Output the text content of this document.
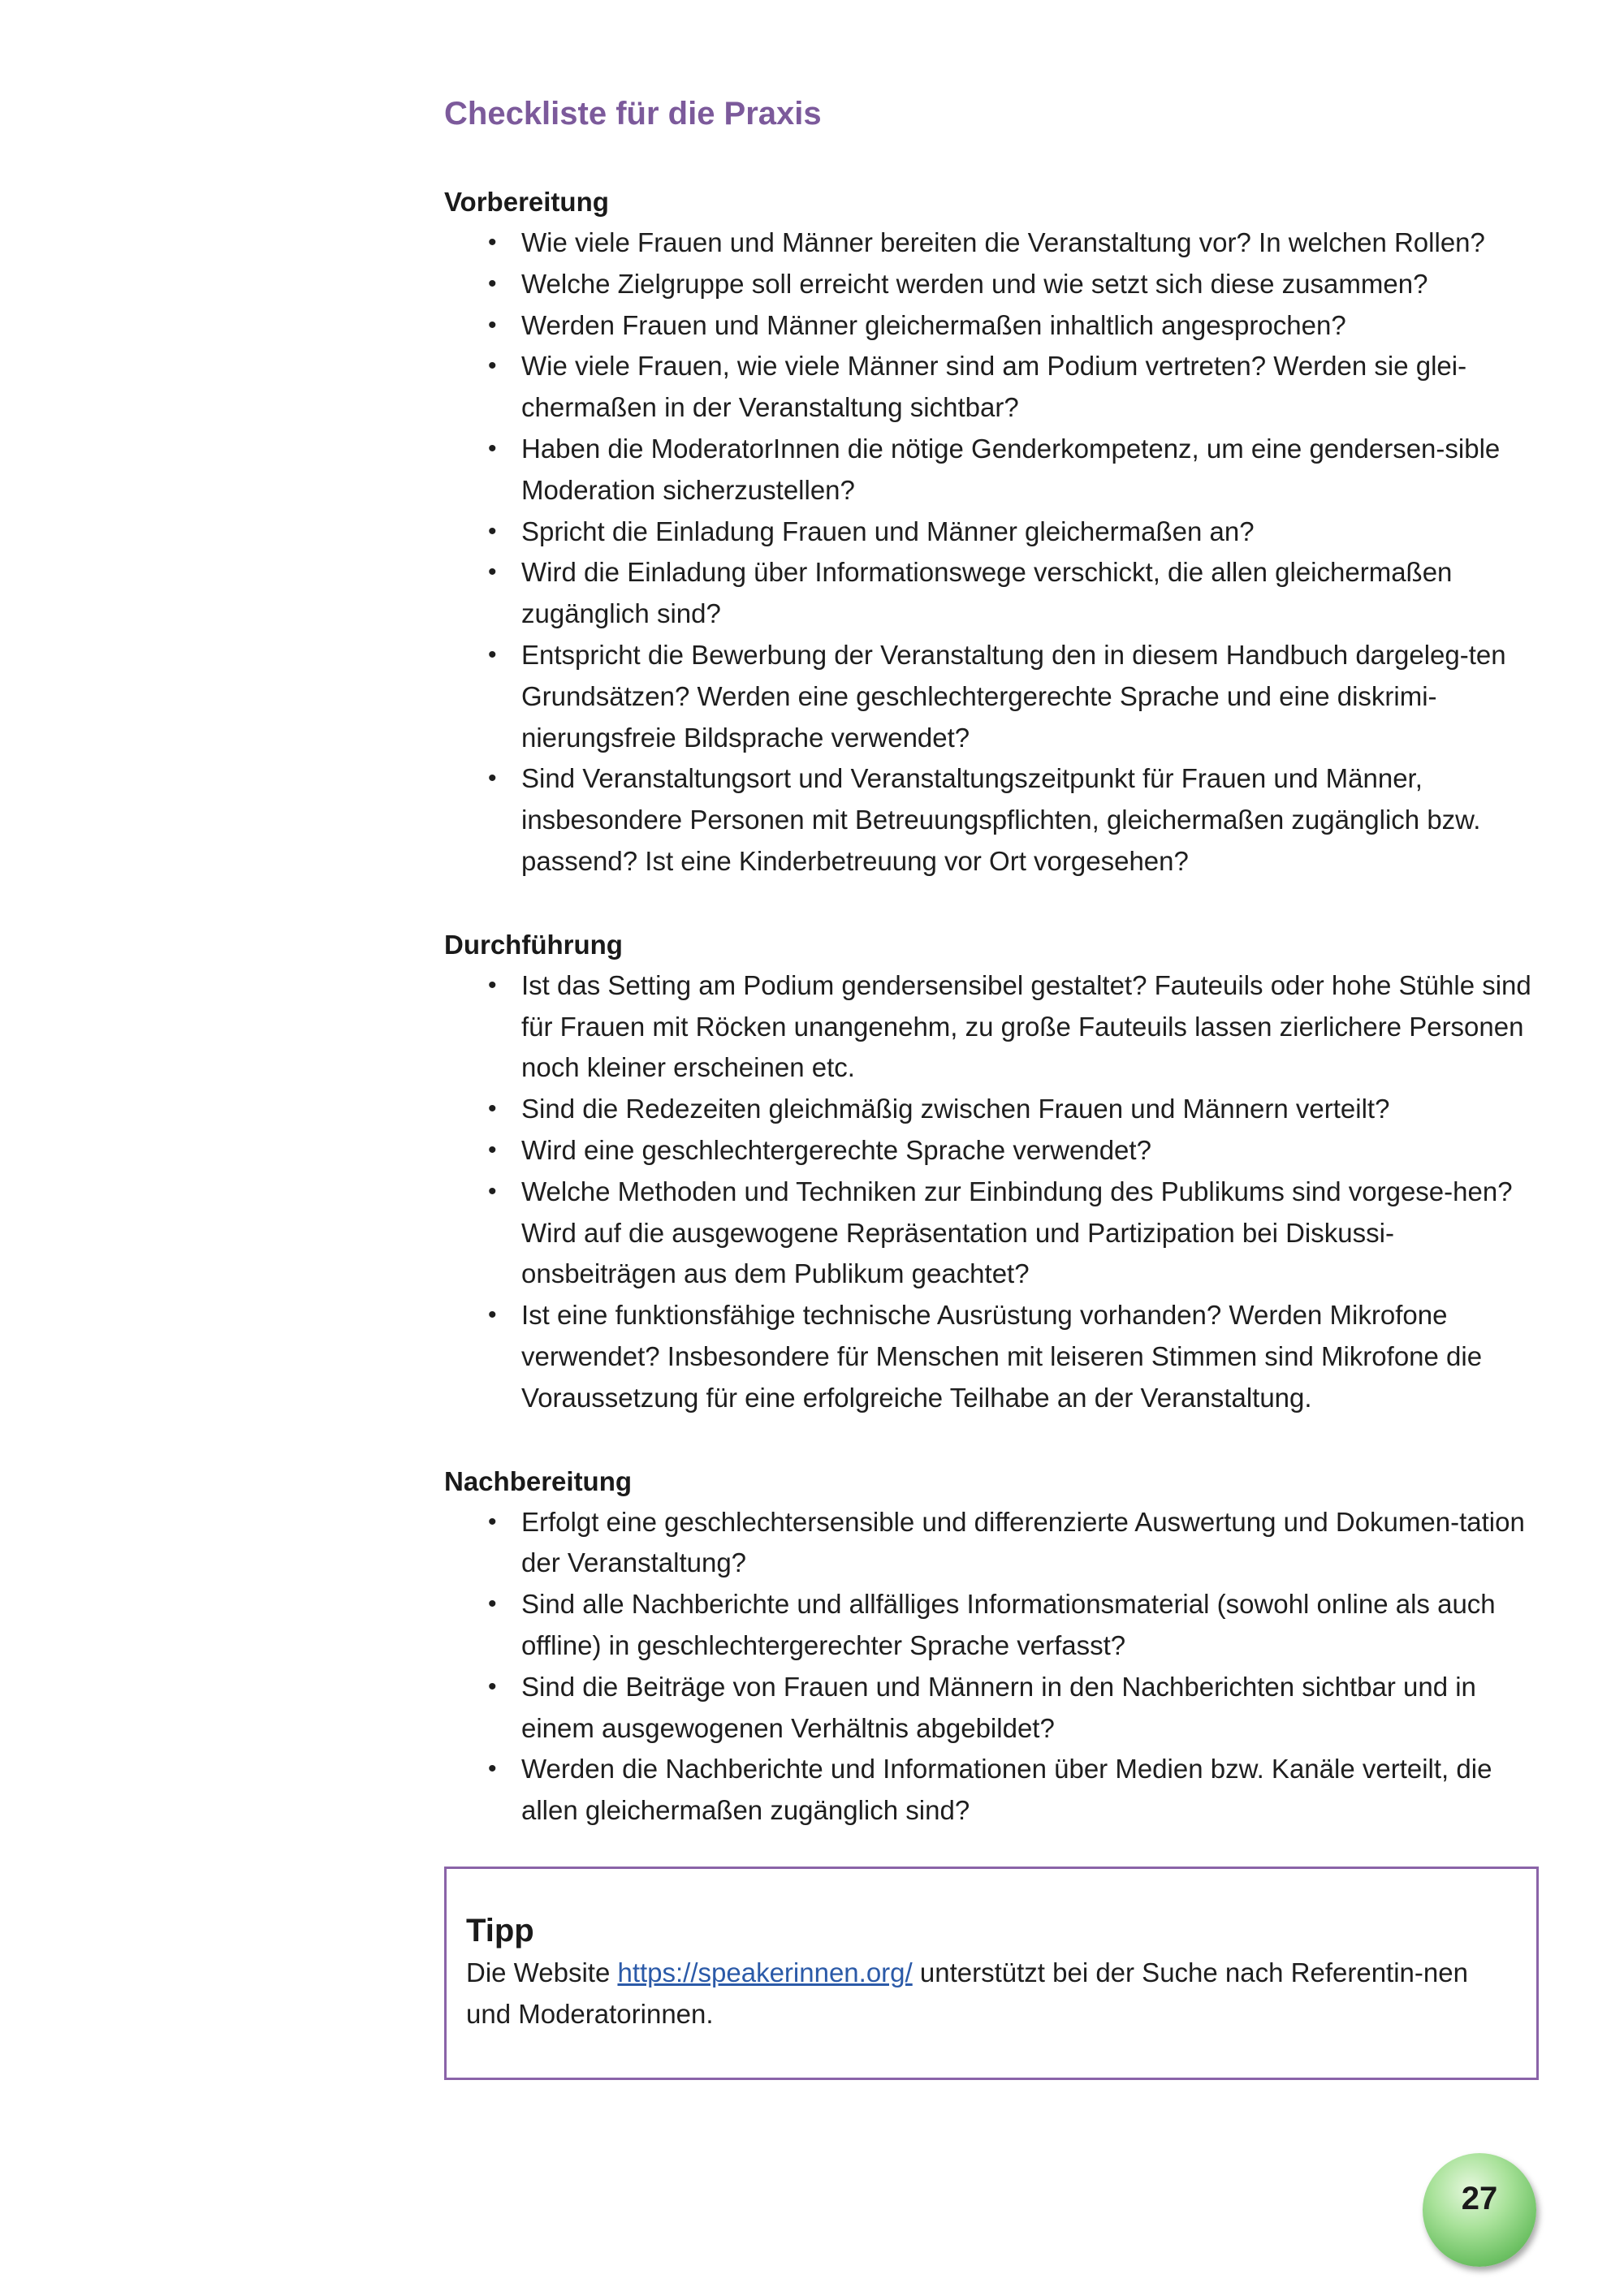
Checkliste für die Praxis
Vorbereitung
• Wie viele Frauen und Männer bereiten die Veranstaltung vor? In welchen Rollen?
• Welche Zielgruppe soll erreicht werden und wie setzt sich diese zusammen?
• Werden Frauen und Männer gleichermaßen inhaltlich angesprochen?
• Wie viele Frauen, wie viele Männer sind am Podium vertreten? Werden sie glei-chermaßen in der Veranstaltung sichtbar?
• Haben die ModeratorInnen die nötige Genderkompetenz, um eine gendersen-sible Moderation sicherzustellen?
• Spricht die Einladung Frauen und Männer gleichermaßen an?
• Wird die Einladung über Informationswege verschickt, die allen gleichermaßen zugänglich sind?
• Entspricht die Bewerbung der Veranstaltung den in diesem Handbuch dargeleg-ten Grundsätzen? Werden eine geschlechtergerechte Sprache und eine diskrimi-nierungsfreie Bildsprache verwendet?
• Sind Veranstaltungsort und Veranstaltungszeitpunkt für Frauen und Männer, insbesondere Personen mit Betreuungspflichten, gleichermaßen zugänglich bzw. passend? Ist eine Kinderbetreuung vor Ort vorgesehen?
Durchführung
• Ist das Setting am Podium gendersensibel gestaltet? Fauteuils oder hohe Stühle sind für Frauen mit Röcken unangenehm, zu große Fauteuils lassen zierlichere Personen noch kleiner erscheinen etc.
• Sind die Redezeiten gleichmäßig zwischen Frauen und Männern verteilt?
• Wird eine geschlechtergerechte Sprache verwendet?
• Welche Methoden und Techniken zur Einbindung des Publikums sind vorgese-hen? Wird auf die ausgewogene Repräsentation und Partizipation bei Diskussi-onsbeiträgen aus dem Publikum geachtet?
• Ist eine funktionsfähige technische Ausrüstung vorhanden? Werden Mikrofone verwendet? Insbesondere für Menschen mit leiseren Stimmen sind Mikrofone die Voraussetzung für eine erfolgreiche Teilhabe an der Veranstaltung.
Nachbereitung
• Erfolgt eine geschlechtersensible und differenzierte Auswertung und Dokumen-tation der Veranstaltung?
• Sind alle Nachberichte und allfälliges Informationsmaterial (sowohl online als auch offline) in geschlechtergerechter Sprache verfasst?
• Sind die Beiträge von Frauen und Männern in den Nachberichten sichtbar und in einem ausgewogenen Verhältnis abgebildet?
• Werden die Nachberichte und Informationen über Medien bzw. Kanäle verteilt, die allen gleichermaßen zugänglich sind?
Tipp

Die Website https://speakerinnen.org/ unterstützt bei der Suche nach Referentin-nen und Moderatorinnen.

27
